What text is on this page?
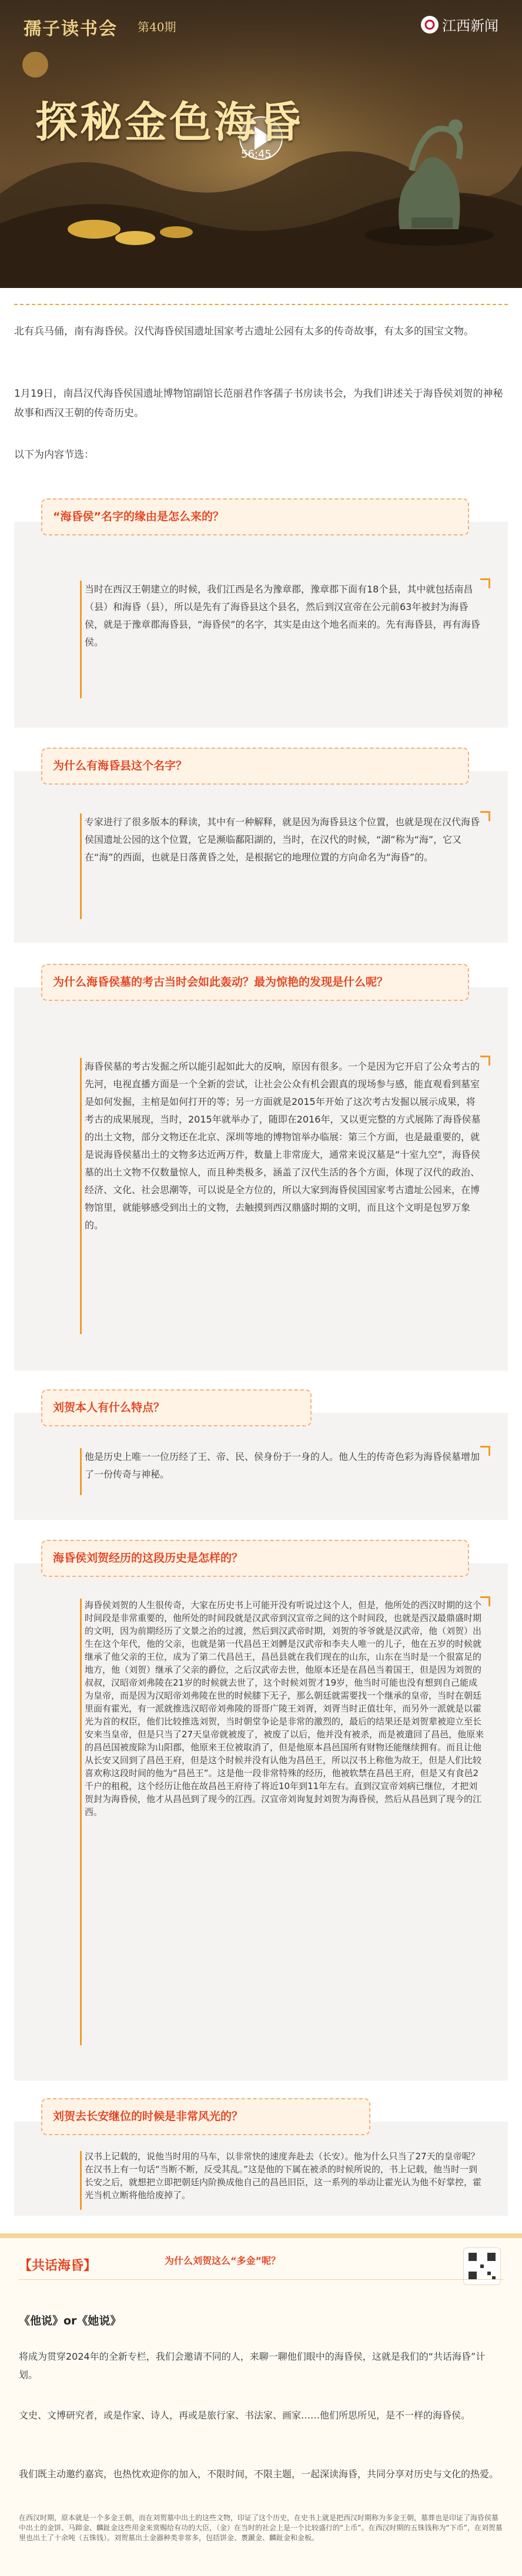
孺子读书会 第40期	江西新闻
探秘金色海昏
56:45

北有兵马俑，南有海昏侯。汉代海昏侯国遗址国家考古遗址公园有太多的传奇故事，有太多的国宝文物。

1月19日，南昌汉代海昏侯国遗址博物馆副馆长范丽君作客孺子书房读书会，为我们讲述关于海昏侯刘贺的神秘故事和西汉王朝的传奇历史。

以下为内容节选：

“海昏侯”名字的缘由是怎么来的？

当时在西汉王朝建立的时候，我们江西是名为豫章郡，豫章郡下面有18个县，其中就包括南昌（县）和海昏（县），所以是先有了海昏县这个县名，然后到汉宣帝在公元前63年被封为海昏侯，就是于豫章郡海昏县，“海昏侯”的名字，其实是由这个地名而来的。先有海昏县，再有海昏侯。

为什么有海昏县这个名字？

专家进行了很多版本的释读，其中有一种解释，就是因为海昏县这个位置，也就是现在汉代海昏侯国遗址公园的这个位置，它是濒临鄱阳湖的，当时，在汉代的时候，“湖”称为“海”，它又在“海”的西面，也就是日落黄昏之处，是根据它的地理位置的方向命名为“海昏”的。

为什么海昏侯墓的考古当时会如此轰动？最为惊艳的发现是什么呢？

海昏侯墓的考古发掘之所以能引起如此大的反响，原因有很多。一个是因为它开启了公众考古的先河，电视直播方面是一个全新的尝试，让社会公众有机会跟真的现场参与感，能直观看到墓室是如何发掘，主棺是如何打开的等；另一方面就是2015年开始了这次考古发掘以展示成果，将考古的成果展现，当时，2015年就举办了，随即在2016年，又以更完整的方式展陈了海昏侯墓的出土文物，部分文物还在北京、深圳等地的博物馆举办临展：第三个方面，也是最重要的，就是说海昏侯墓出土的文物多达近两万件，数量上非常庞大，通常来说汉墓是“十室九空”，海昏侯墓的出土文物不仅数量惊人，而且种类极多，涵盖了汉代生活的各个方面，体现了汉代的政治、经济、文化、社会思潮等，可以说是全方位的，所以大家到海昏侯国国家考古遗址公园来，在博物馆里，就能够感受到出土的文物，去触摸到西汉鼎盛时期的文明，而且这个文明是包罗万象的。

刘贺本人有什么特点？

他是历史上唯一一位历经了王、帝、民、侯身份于一身的人。他人生的传奇色彩为海昏侯墓增加了一份传奇与神秘。

海昏侯刘贺经历的这段历史是怎样的？

海昏侯刘贺的人生很传奇，大家在历史书上可能开没有听说过这个人，但是，他所处的西汉时期的这个时间段是非常重要的，他所处的时间段就是汉武帝到汉宣帝之间的这个时间段，也就是西汉最鼎盛时期的文明，因为前期经历了文景之治的过渡，然后到汉武帝时期，刘贺的爷爷就是汉武帝，他（刘贺）出生在这个年代，他的父亲，也就是第一代昌邑王刘髆是汉武帝和李夫人唯一的儿子，他在五岁的时候就继承了他父亲的王位，成为了第二代昌邑王，昌邑县就在我们现在的山东，山东在当时是一个很富足的地方，他（刘贺）继承了父亲的爵位，之后汉武帝去世，他原本还是在昌邑当着国王，但是因为刘贺的叔叔，汉昭帝刘弗陵在21岁的时候就去世了，这个时候刘贺才19岁，他当时可能也没有想到自己能成为皇帝，而是因为汉昭帝刘弗陵在世的时候膝下无子，那么朝廷就需要找一个继承的皇帝，当时在朝廷里面有霍光，有一派就推选汉昭帝刘弗陵的哥哥广陵王刘胥，刘胥当时正值壮年，而另外一派就是以霍光为首的权臣，他们比较推选刘贺，当时朝堂争论是非常的激烈的，最后的结果还是刘贺辈被迎立至长安来当皇帝，但是只当了27天皇帝就被废了，被废了以后，他并没有被杀，而是被遣回了昌邑，他原来的昌邑国被废除为山阳郡，他原来王位被取消了，但是他原本昌邑国所有财物还能继续拥有。而且让他从长安又回到了昌邑王府，但是这个时候并没有认他为昌邑王，所以汉书上称他为故王，但是人们比较喜欢称这段时间的他为“昌邑王”。这是他一段非常特殊的经历，他被软禁在昌邑王府，但是又有食邑2千户的租税，这个经历让他在故昌邑王府待了将近10年到11年左右。直到汉宣帝刘病已继位，才把刘贺封为海昏侯，他才从昌邑到了现今的江西。汉宣帝刘询复封刘贺为海昏侯，然后从昌邑到了现今的江西。

刘贺去长安继位的时候是非常风光的？

汉书上记载的，说他当时用的马车，以非常快的速度奔赴去（长安）。他为什么只当了27天的皇帝呢？在汉书上有一句话“当断不断，反受其乱。”这是他的下属在被杀的时候所说的，书上记载，他当时一到长安之后，就想把立即把朝廷内阶换成他自己的昌邑旧臣，这一系列的举动让霍光认为他不好掌控，霍光当机立断将他给废掉了。

【共话海昏】
《他说》or《她说》

将成为贯穿2024年的全新专栏，我们会邀请不同的人，来聊一聊他们眼中的海昏侯，这就是我们的“共话海昏”计划。

文史、文博研究者，或是作家、诗人，再或是旅行家、书法家、画家……他们所思所见，是不一样的海昏侯。

我们既主动邀约嘉宾，也热忱欢迎你的加入，不限时间，不限主题，一起深读海昏，共同分享对历史与文化的热爱。

为什么刘贺这么“多金”呢？

在西汉时期，原本就是一个多金王朝，而在刘贺墓中出土的这些文物，印证了这个历史，在史书上就是把西汉时期称为多金王朝，墓葬也是印证了海昏侯墓中出土的金饼、马蹄金、麟趾金这些用金来赏赐给有功的大臣，（金）在当时的社会上是一个比较盛行的“上币”。在西汉时期的五铢钱称为“下币”，在刘贺墓里也出土了十余吨（五铢钱）。刘贺墓出土金器种类非常多，包括饼金、褭蹏金、麟趾金和金板。
